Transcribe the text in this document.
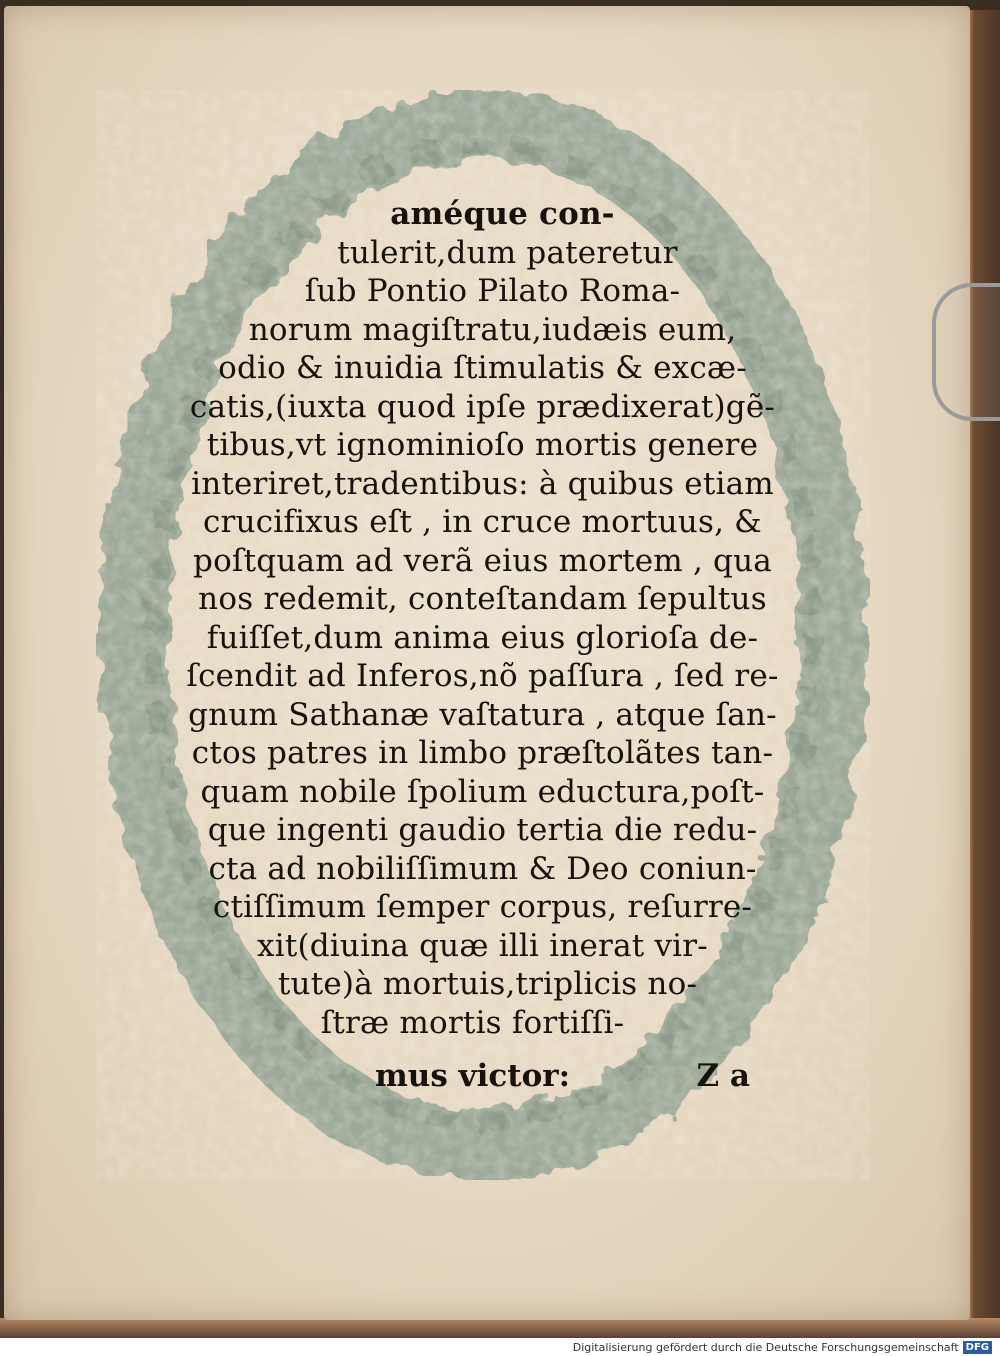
améque con-
tulerit,dum pateretur
ſub Pontio Pilato Roma-
norum magiſtratu,iudæis eum,
odio & inuidia ſtimulatis & excæ-
catis,(iuxta quod ipſe prædixerat)gẽ-
tibus,vt ignominioſo mortis genere
interiret,tradentibus: à quibus etiam
crucifixus eſt , in cruce mortuus, &
poſtquam ad verã eius mortem , qua
nos redemit, conteſtandam ſepultus
fuiſſet,dum anima eius glorioſa de-
ſcendit ad Inferos,nõ paſſura , ſed re-
gnum Sathanæ vaſtatura , atque ſan-
ctos patres in limbo præſtolãtes tan-
quam nobile ſpolium eductura,poſt-
que ingenti gaudio tertia die redu-
cta ad nobiliſſimum & Deo coniun-
ctiſſimum ſemper corpus, reſurre-
xit(diuina quæ illi inerat vir-
tute)à mortuis,triplicis no-
ſtræ mortis fortiſſi-
mus victor:	Z a
Digitalisierung gefördert durch die Deutsche Forschungsgemeinschaft DFG
